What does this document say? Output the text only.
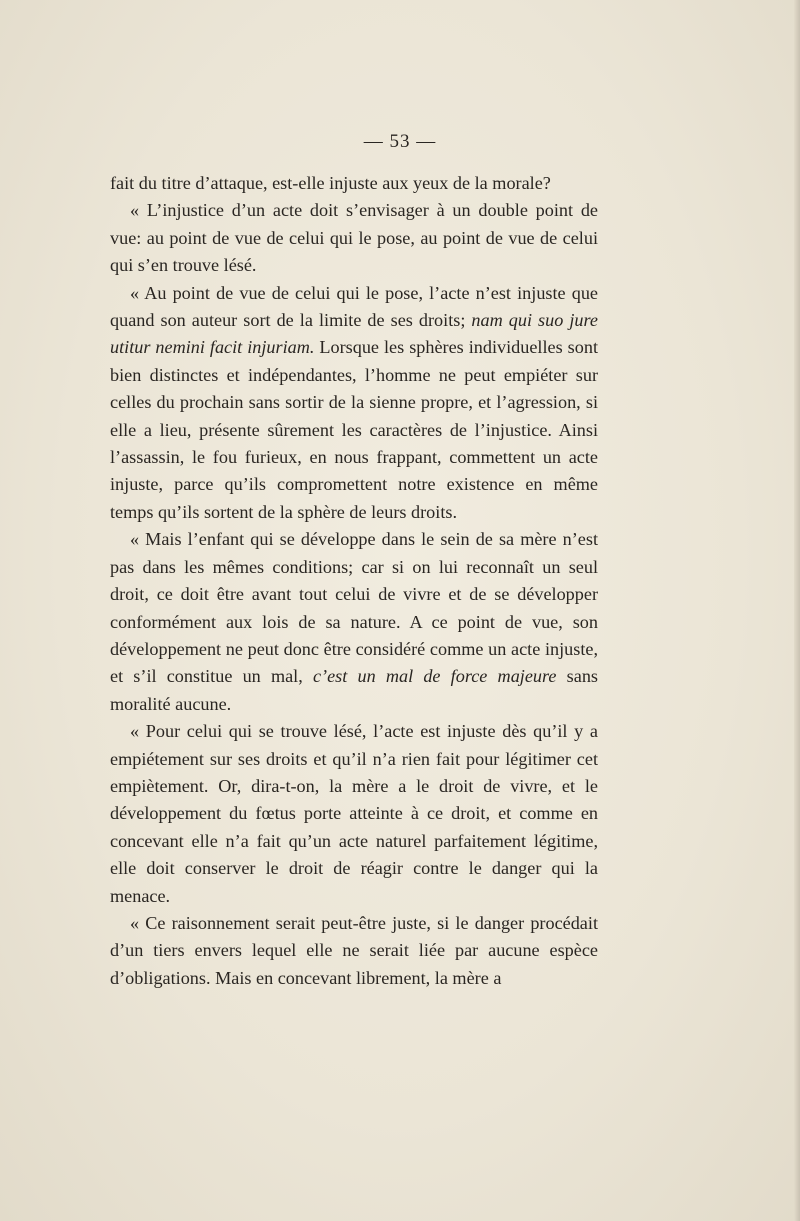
— 53 —

fait du titre d’attaque, est-elle injuste aux yeux de la morale?

« L’injustice d’un acte doit s’envisager à un double point de vue: au point de vue de celui qui le pose, au point de vue de celui qui s’en trouve lésé.

« Au point de vue de celui qui le pose, l’acte n’est injuste que quand son auteur sort de la limite de ses droits; nam qui suo jure utitur nemini facit injuriam. Lorsque les sphères individuelles sont bien distinctes et indépendantes, l’homme ne peut empiéter sur celles du prochain sans sortir de la sienne propre, et l’agression, si elle a lieu, présente sûrement les caractères de l’injustice. Ainsi l’assassin, le fou furieux, en nous frappant, commettent un acte injuste, parce qu’ils compromettent notre existence en même temps qu’ils sortent de la sphère de leurs droits.

« Mais l’enfant qui se développe dans le sein de sa mère n’est pas dans les mêmes conditions; car si on lui reconnaît un seul droit, ce doit être avant tout celui de vivre et de se développer conformément aux lois de sa nature. A ce point de vue, son développement ne peut donc être considéré comme un acte injuste, et s’il constitue un mal, c’est un mal de force majeure sans moralité aucune.

« Pour celui qui se trouve lésé, l’acte est injuste dès qu’il y a empiétement sur ses droits et qu’il n’a rien fait pour légitimer cet empiètement. Or, dira-t-on, la mère a le droit de vivre, et le développement du fœtus porte atteinte à ce droit, et comme en concevant elle n’a fait qu’un acte naturel parfaitement légitime, elle doit conserver le droit de réagir contre le danger qui la menace.

« Ce raisonnement serait peut-être juste, si le danger procédait d’un tiers envers lequel elle ne serait liée par aucune espèce d’obligations. Mais en concevant librement, la mère a
